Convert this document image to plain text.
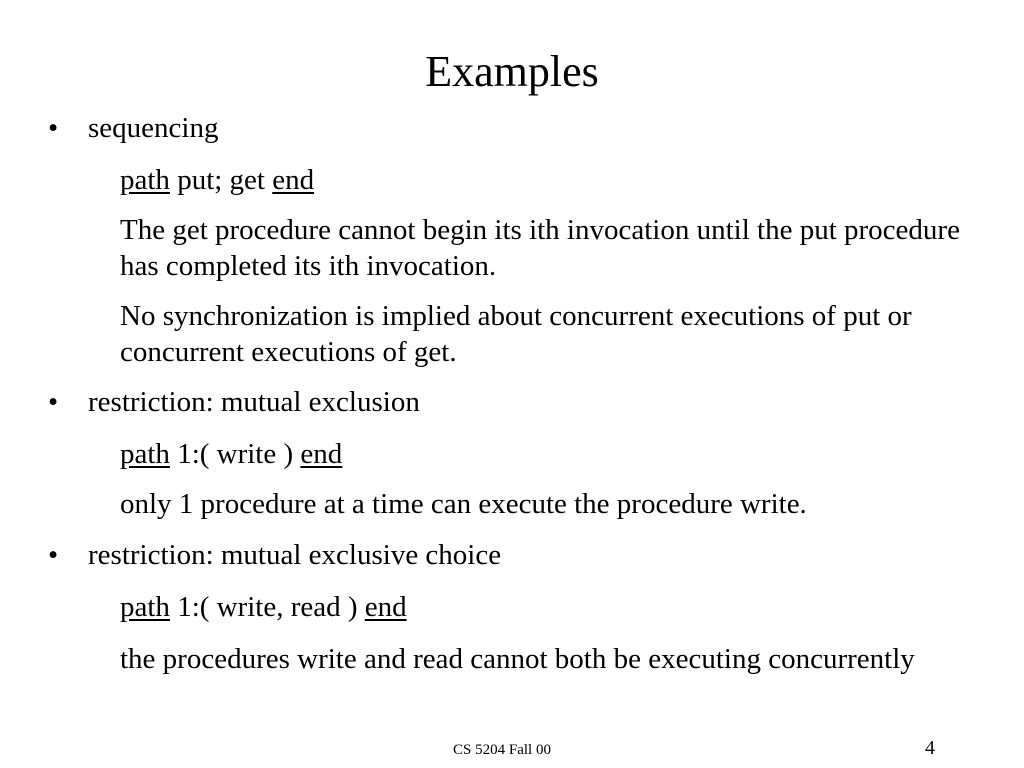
Examples
• sequencing
path put; get end
The get procedure cannot begin its ith invocation until the put procedure has completed its ith invocation.
No synchronization is implied about concurrent executions of put or concurrent executions of get.
• restriction: mutual exclusion
path 1:( write ) end
only 1 procedure at a time can execute the procedure write.
• restriction: mutual exclusive choice
path 1:( write, read ) end
the procedures write and read cannot both be executing concurrently
CS 5204 Fall 00	4
